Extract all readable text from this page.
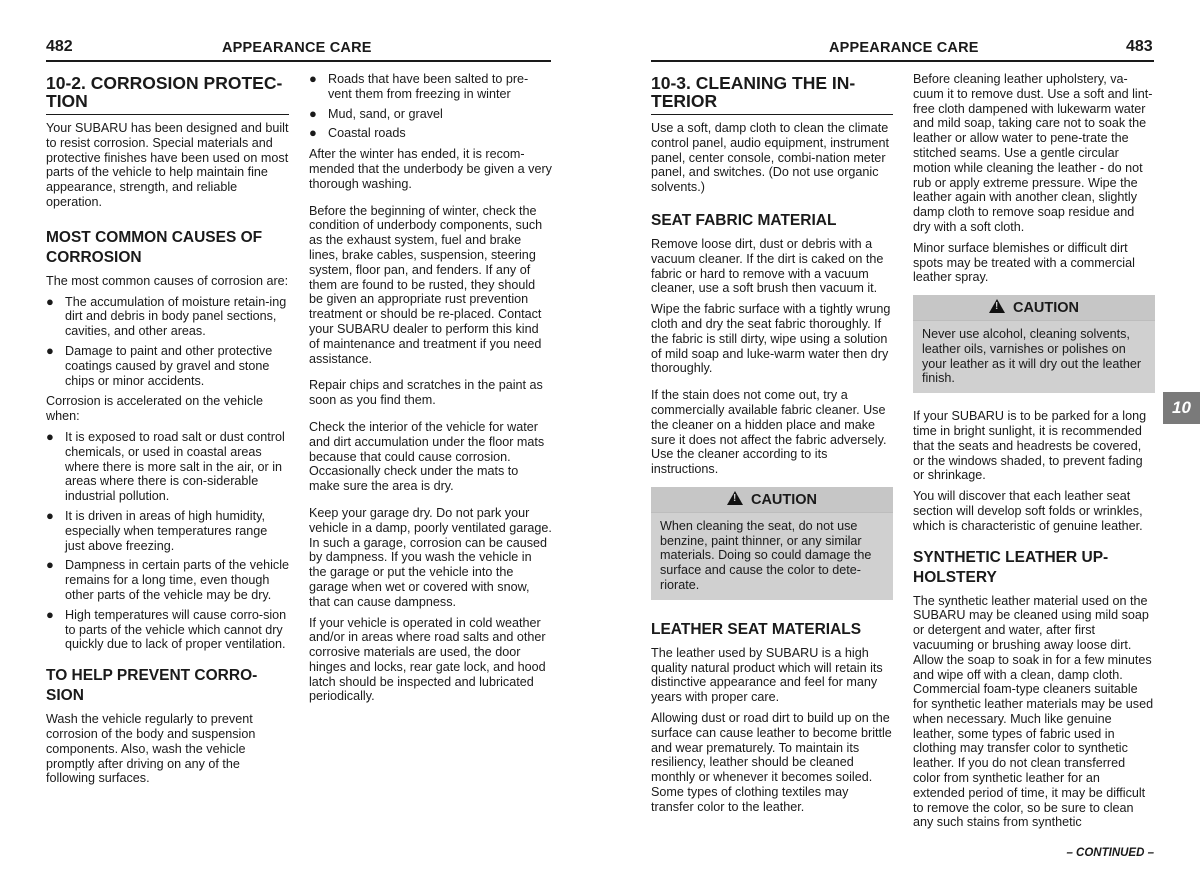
482	APPEARANCE CARE	APPEARANCE CARE	483
10-2. CORROSION PROTEC-
TION

Your SUBARU has been designed and built to resist corrosion. Special materials and protective finishes have been used on most parts of the vehicle to help maintain fine appearance, strength, and reliable operation.

MOST COMMON CAUSES OF CORROSION

The most common causes of corrosion are:

● The accumulation of moisture retain-ing dirt and debris in body panel sections, cavities, and other areas.
● Damage to paint and other protective coatings caused by gravel and stone chips or minor accidents.

Corrosion is accelerated on the vehicle when:

● It is exposed to road salt or dust control chemicals, or used in coastal areas where there is more salt in the air, or in areas where there is con-siderable industrial pollution.
● It is driven in areas of high humidity, especially when temperatures range just above freezing.
● Dampness in certain parts of the vehicle remains for a long time, even though other parts of the vehicle may be dry.
● High temperatures will cause corro-sion to parts of the vehicle which cannot dry quickly due to lack of proper ventilation.
TO HELP PREVENT CORRO-
SION

Wash the vehicle regularly to prevent corrosion of the body and suspension components. Also, wash the vehicle promptly after driving on any of the following surfaces.

● Roads that have been salted to pre-vent them from freezing in winter
● Mud, sand, or gravel
● Coastal roads

After the winter has ended, it is recom-mended that the underbody be given a very thorough washing.

Before the beginning of winter, check the condition of underbody components, such as the exhaust system, fuel and brake lines, brake cables, suspension, steering system, floor pan, and fenders. If any of them are found to be rusted, they should be given an appropriate rust prevention treatment or should be re-placed. Contact your SUBARU dealer to perform this kind of maintenance and treatment if you need assistance.

Repair chips and scratches in the paint as soon as you find them.

Check the interior of the vehicle for water and dirt accumulation under the floor mats because that could cause corrosion. Occasionally check under the mats to make sure the area is dry.

Keep your garage dry. Do not park your vehicle in a damp, poorly ventilated garage. In such a garage, corrosion can be caused by dampness. If you wash the vehicle in the garage or put the vehicle into the garage when wet or covered with snow, that can cause dampness.

If your vehicle is operated in cold weather and/or in areas where road salts and other corrosive materials are used, the door hinges and locks, rear gate lock, and hood latch should be inspected and lubricated periodically.

10-3. CLEANING THE IN-
TERIOR

Use a soft, damp cloth to clean the climate control panel, audio equipment, instrument panel, center console, combi-nation meter panel, and switches. (Do not use organic solvents.)

SEAT FABRIC MATERIAL

Remove loose dirt, dust or debris with a vacuum cleaner. If the dirt is caked on the fabric or hard to remove with a vacuum cleaner, use a soft brush then vacuum it.

Wipe the fabric surface with a tightly wrung cloth and dry the seat fabric thoroughly. If the fabric is still dirty, wipe using a solution of mild soap and luke-warm water then dry thoroughly.

If the stain does not come out, try a commercially available fabric cleaner. Use the cleaner on a hidden place and make sure it does not affect the fabric adversely. Use the cleaner according to its instructions.

!CAUTION
When cleaning the seat, do not use benzine, paint thinner, or any similar materials. Doing so could damage the surface and cause the color to dete-riorate.
LEATHER SEAT MATERIALS

The leather used by SUBARU is a high quality natural product which will retain its distinctive appearance and feel for many years with proper care.

Allowing dust or road dirt to build up on the surface can cause leather to become brittle and wear prematurely. To maintain its resiliency, leather should be cleaned monthly or whenever it becomes soiled. Some types of clothing textiles may transfer color to the leather.

Before cleaning leather upholstery, va-cuum it to remove dust. Use a soft and lint-free cloth dampened with lukewarm water and mild soap, taking care not to soak the leather or allow water to pene-trate the stitched seams. Use a gentle circular motion while cleaning the leather - do not rub or apply extreme pressure. Wipe the leather again with another clean, slightly damp cloth to remove soap residue and dry with a soft cloth.

Minor surface blemishes or difficult dirt spots may be treated with a commercial leather spray.

!CAUTION
Never use alcohol, cleaning solvents, leather oils, varnishes or polishes on your leather as it will dry out the leather finish.

If your SUBARU is to be parked for a long time in bright sunlight, it is recommended that the seats and headrests be covered, or the windows shaded, to prevent fading or shrinkage.

You will discover that each leather seat section will develop soft folds or wrinkles, which is characteristic of genuine leather.

SYNTHETIC LEATHER UP-
HOLSTERY

The synthetic leather material used on the SUBARU may be cleaned using mild soap or detergent and water, after first vacuuming or brushing away loose dirt. Allow the soap to soak in for a few minutes and wipe off with a clean, damp cloth. Commercial foam-type cleaners suitable for synthetic leather materials may be used when necessary. Much like genuine leather, some types of fabric used in clothing may transfer color to synthetic leather. If you do not clean transferred color from synthetic leather for an extended period of time, it may be difficult to remove the color, so be sure to clean any such stains from synthetic

10
– CONTINUED –
